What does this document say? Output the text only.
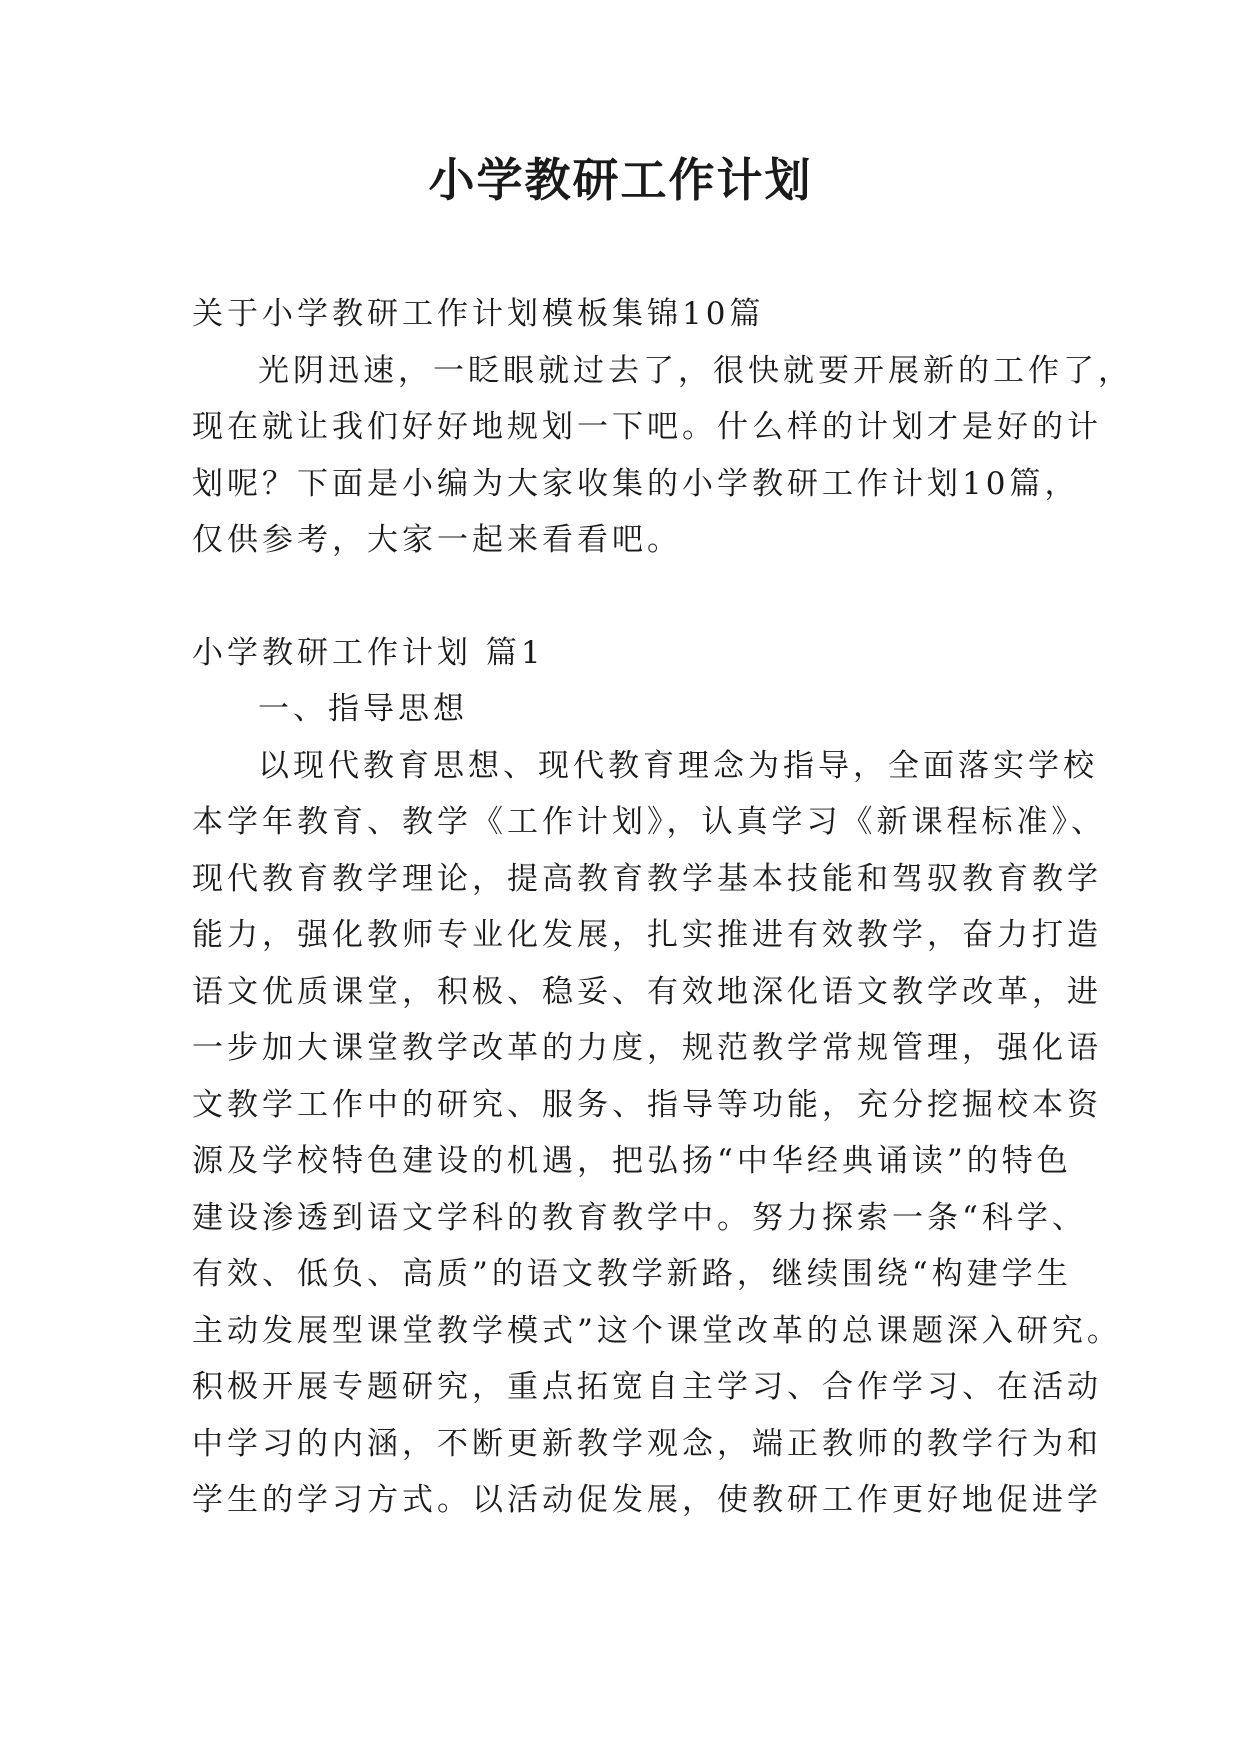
小学教研工作计划

关于小学教研工作计划模板集锦10篇

光阴迅速，一眨眼就过去了，很快就要开展新的工作了，

现在就让我们好好地规划一下吧。什么样的计划才是好的计

划呢？下面是小编为大家收集的小学教研工作计划10篇，

仅供参考，大家一起来看看吧。

小学教研工作计划 篇1

一、指导思想

以现代教育思想、现代教育理念为指导，全面落实学校

本学年教育、教学《工作计划》，认真学习《新课程标准》、

现代教育教学理论，提高教育教学基本技能和驾驭教育教学

能力，强化教师专业化发展，扎实推进有效教学，奋力打造

语文优质课堂，积极、稳妥、有效地深化语文教学改革，进

一步加大课堂教学改革的力度，规范教学常规管理，强化语

文教学工作中的研究、服务、指导等功能，充分挖掘校本资

源及学校特色建设的机遇，把弘扬“中华经典诵读”的特色

建设渗透到语文学科的教育教学中。努力探索一条“科学、

有效、低负、高质”的语文教学新路，继续围绕“构建学生

主动发展型课堂教学模式”这个课堂改革的总课题深入研究。

积极开展专题研究，重点拓宽自主学习、合作学习、在活动

中学习的内涵，不断更新教学观念，端正教师的教学行为和

学生的学习方式。以活动促发展，使教研工作更好地促进学
